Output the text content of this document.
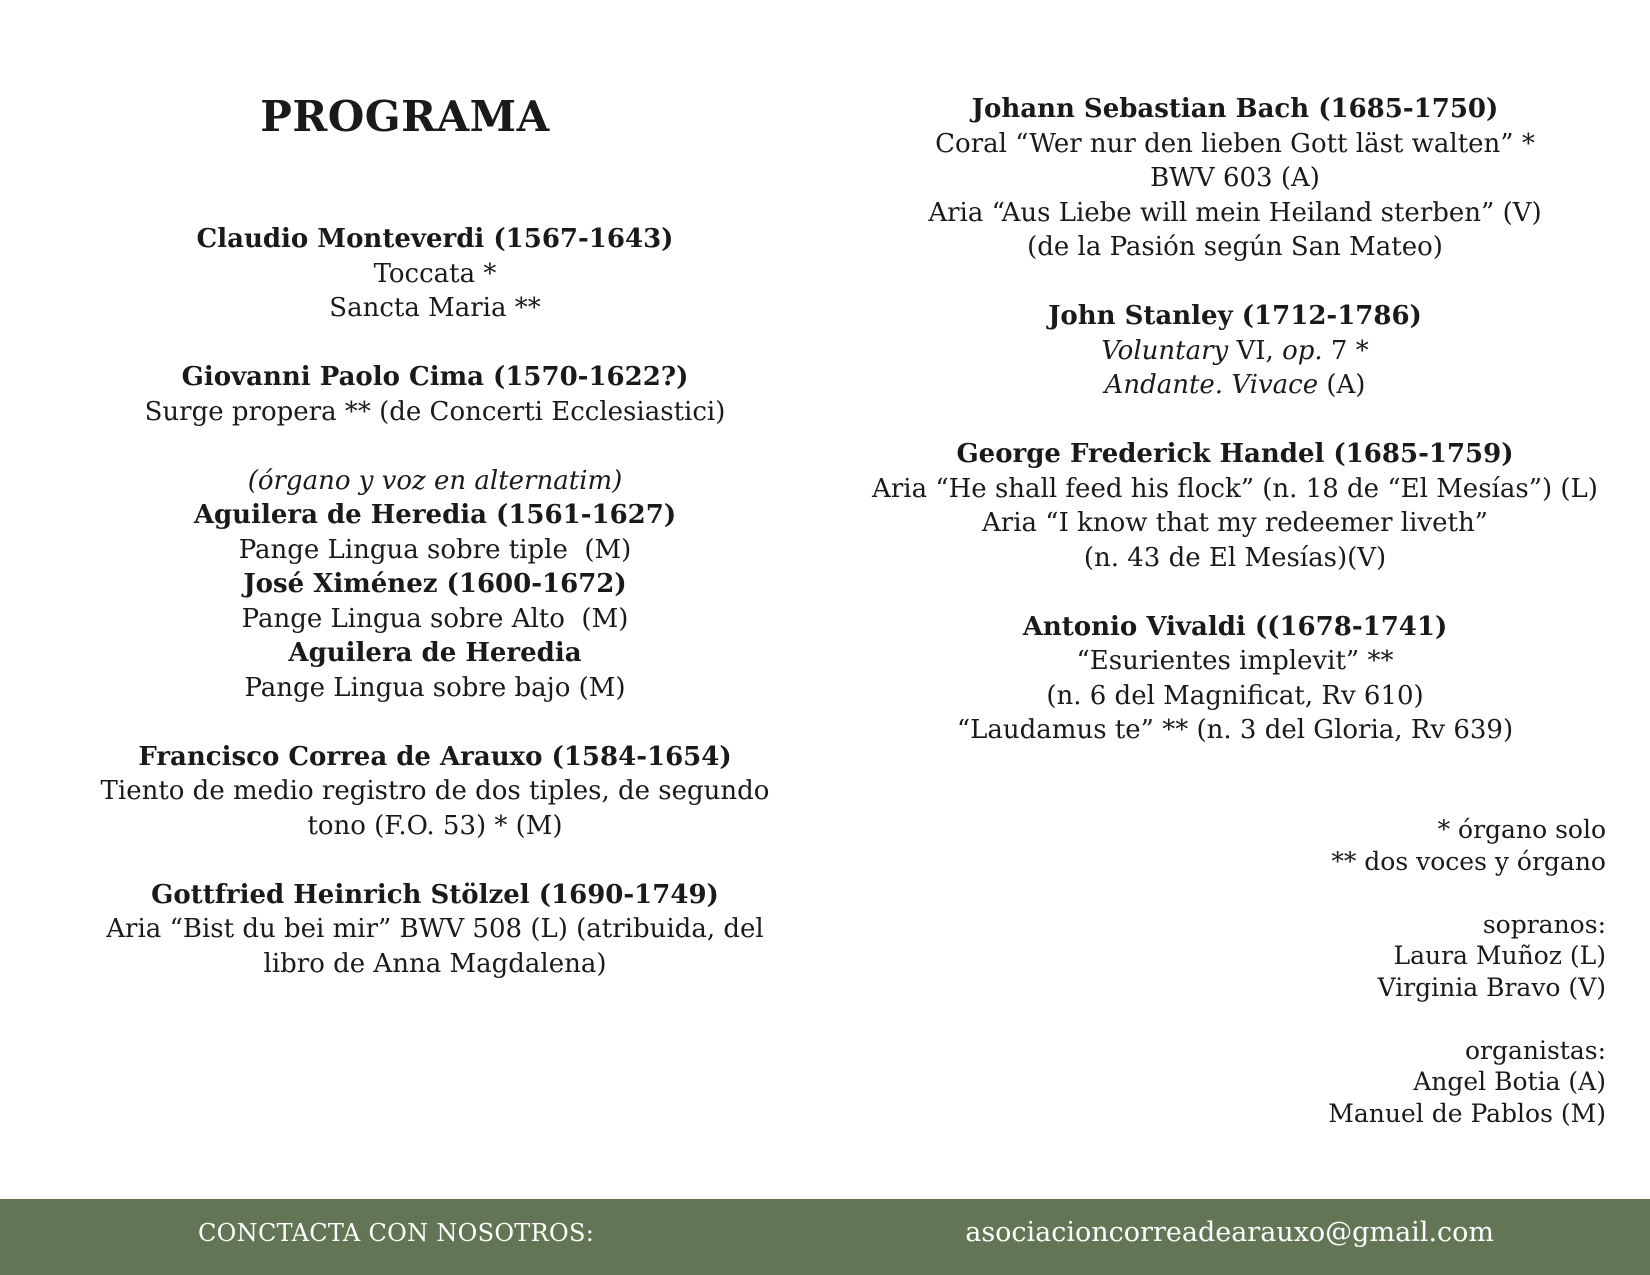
PROGRAMA
Claudio Monteverdi (1567-1643)
Toccata *
Sancta Maria **
Giovanni Paolo Cima (1570-1622?)
Surge propera ** (de Concerti Ecclesiastici)
(órgano y voz en alternatim)
Aguilera de Heredia (1561-1627)
Pange Lingua sobre tiple  (M)
José Ximénez (1600-1672)
Pange Lingua sobre Alto  (M)
Aguilera de Heredia
Pange Lingua sobre bajo (M)
Francisco Correa de Arauxo (1584-1654)
Tiento de medio registro de dos tiples, de segundo
tono (F.O. 53) * (M)
Gottfried Heinrich Stölzel (1690-1749)
Aria “Bist du bei mir” BWV 508 (L) (atribuida, del
libro de Anna Magdalena)
Johann Sebastian Bach (1685-1750)
Coral “Wer nur den lieben Gott läst walten” *
BWV 603 (A)
Aria “Aus Liebe will mein Heiland sterben” (V)
(de la Pasión según San Mateo)
John Stanley (1712-1786)
Voluntary VI, op. 7 *
Andante. Vivace (A)
George Frederick Handel (1685-1759)
Aria “He shall feed his flock” (n. 18 de “El Mesías”) (L)
Aria “I know that my redeemer liveth”
(n. 43 de El Mesías)(V)
Antonio Vivaldi ((1678-1741)
“Esurientes implevit” **
(n. 6 del Magnificat, Rv 610)
“Laudamus te” ** (n. 3 del Gloria, Rv 639)
* órgano solo
** dos voces y órgano
sopranos:
Laura Muñoz (L)
Virginia Bravo (V)
organistas:
Angel Botia (A)
Manuel de Pablos (M)
CONCTACTA CON NOSOTROS:	asociacioncorreadearauxo@gmail.com
